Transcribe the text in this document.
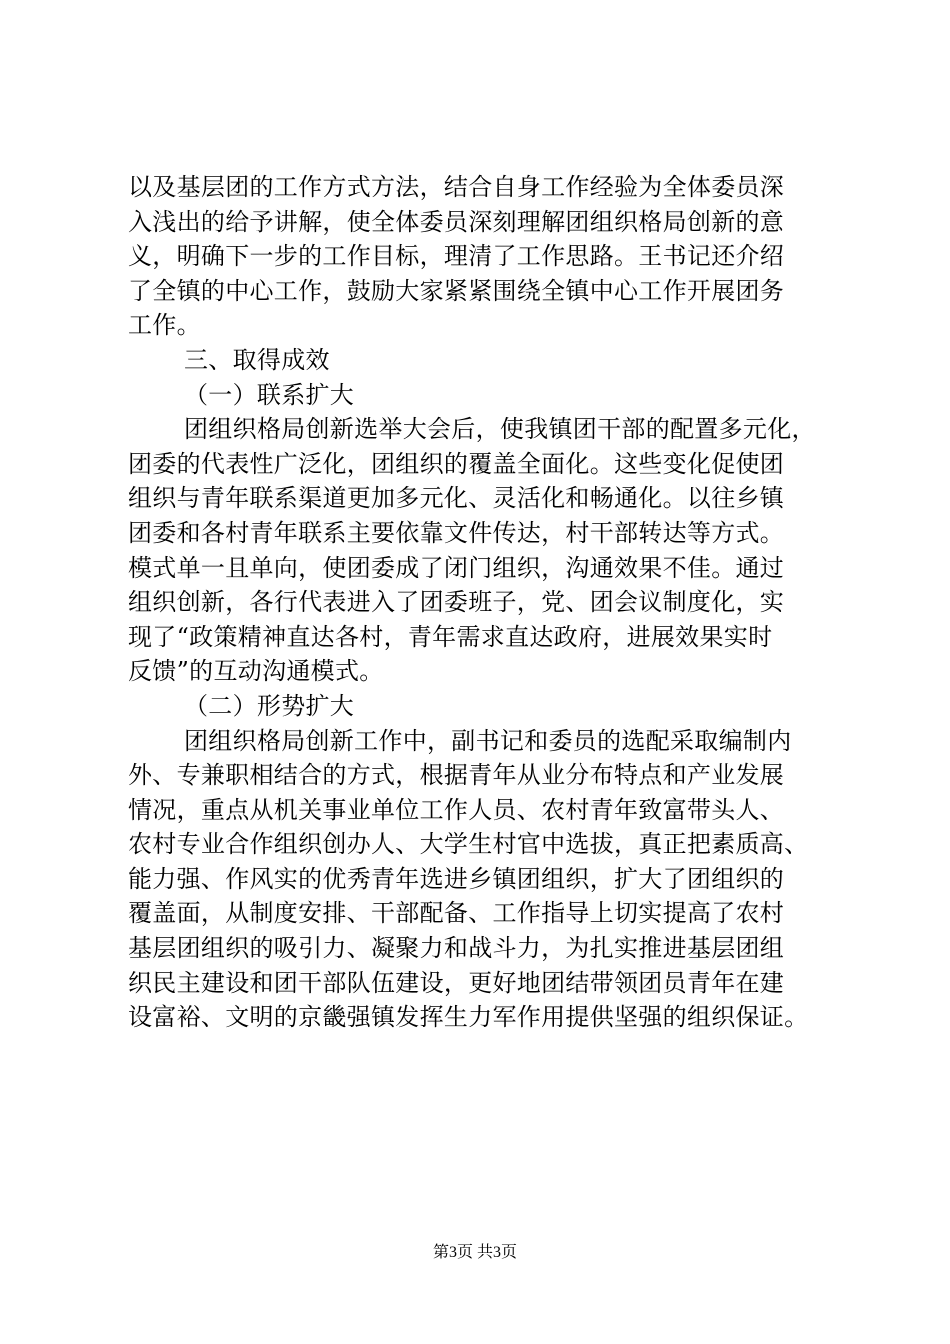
以及基层团的工作方式方法，结合自身工作经验为全体委员深
入浅出的给予讲解，使全体委员深刻理解团组织格局创新的意
义，明确下一步的工作目标，理清了工作思路。王书记还介绍
了全镇的中心工作，鼓励大家紧紧围绕全镇中心工作开展团务
工作。
三、取得成效
（一）联系扩大
团组织格局创新选举大会后，使我镇团干部的配置多元化，
团委的代表性广泛化，团组织的覆盖全面化。这些变化促使团
组织与青年联系渠道更加多元化、灵活化和畅通化。以往乡镇
团委和各村青年联系主要依靠文件传达，村干部转达等方式。
模式单一且单向，使团委成了闭门组织，沟通效果不佳。通过
组织创新，各行代表进入了团委班子，党、团会议制度化，实
现了“政策精神直达各村，青年需求直达政府，进展效果实时
反馈”的互动沟通模式。
（二）形势扩大
团组织格局创新工作中，副书记和委员的选配采取编制内
外、专兼职相结合的方式，根据青年从业分布特点和产业发展
情况，重点从机关事业单位工作人员、农村青年致富带头人、
农村专业合作组织创办人、大学生村官中选拔，真正把素质高、
能力强、作风实的优秀青年选进乡镇团组织，扩大了团组织的
覆盖面，从制度安排、干部配备、工作指导上切实提高了农村
基层团组织的吸引力、凝聚力和战斗力，为扎实推进基层团组
织民主建设和团干部队伍建设，更好地团结带领团员青年在建
设富裕、文明的京畿强镇发挥生力军作用提供坚强的组织保证。
第3页 共3页
